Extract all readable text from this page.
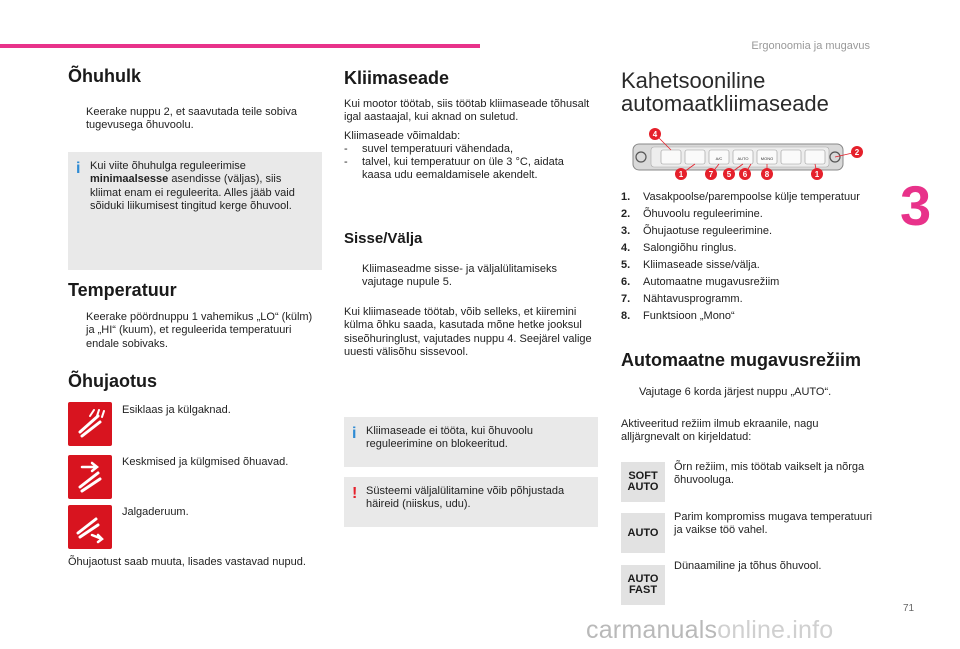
Ergonoomia ja mugavus
3
71
carmanualsonline.info
Õhuhulk
Keerake nuppu 2, et saavutada teile sobiva tugevusega õhuvoolu.
i Kui viite õhuhulga reguleerimise minimaalsesse asendisse (väljas), siis kliimat enam ei reguleerita. Alles jääb vaid sõiduki liikumisest tingitud kerge õhuvool.
Temperatuur
Keerake pöördnuppu 1 vahemikus „LO“ (külm) ja „HI“ (kuum), et reguleerida temperatuuri endale sobivaks.
Õhujaotus
Esiklaas ja külgaknad.
Keskmised ja külgmised õhuavad.
Jalgaderuum.
Õhujaotust saab muuta, lisades vastavad nupud.
Kliimaseade
Kui mootor töötab, siis töötab kliimaseade tõhusalt igal aastaajal, kui aknad on suletud.
Kliimaseade võimaldab:
-	suvel temperatuuri vähendada,
-	talvel, kui temperatuur on üle 3 °C, aidata kaasa udu eemaldamisele akendelt.
Sisse/Välja
Kliimaseadme sisse- ja väljalülitamiseks vajutage nupule 5.
Kui kliimaseade töötab, võib selleks, et kiiremini külma õhku saada, kasutada mõne hetke jooksul siseõhuringlust, vajutades nuppu 4. Seejärel valige uuesti välisõhu sissevool.
i Kliimaseade ei tööta, kui õhuvoolu reguleerimine on blokeeritud.
! Süsteemi väljalülitamine võib põhjustada häireid (niiskus, udu).
Kahetsooniline
automaatkliimaseade
A/C	AUTO	MONO
4
1	7 5 6 8	1
2
1. Vasakpoolse/parempoolse külje temperatuur
2. Õhuvoolu reguleerimine.
3. Õhujaotuse reguleerimine.
4. Salongiõhu ringlus.
5. Kliimaseade sisse/välja.
6. Automaatne mugavusrežiim
7. Nähtavusprogramm.
8. Funktsioon „Mono“
Automaatne mugavusrežiim
Vajutage 6 korda järjest nuppu „AUTO“.
Aktiveeritud režiim ilmub ekraanile, nagu alljärgnevalt on kirjeldatud:
SOFT
AUTO
Õrn režiim, mis töötab vaikselt ja nõrga õhuvooluga.
AUTO
Parim kompromiss mugava temperatuuri ja vaikse töö vahel.
AUTO
FAST
Dünaamiline ja tõhus õhuvool.
